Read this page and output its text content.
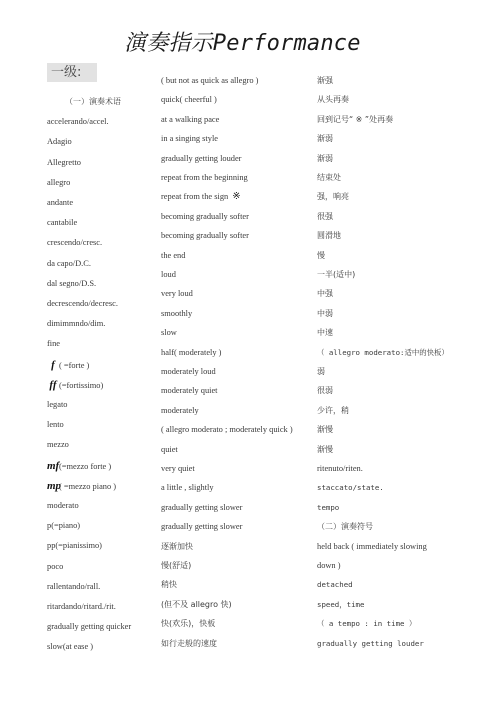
演奏指示Performance
一级:
（一）演奏术语
accelerando/accel.
Adagio
Allegretto
allegro
andante
cantabile
crescendo/cresc.
da capo/D.C.
dal segno/D.S.
decrescendo/decresc.
dimimmndo/dim.
fine
f ( =forte )
ff (=fortissimo)
legato
lento
mezzo
mf(=mezzo forte )
mp( =mezzo piano )
moderato
p(=piano)
pp(=pianissimo)
poco
rallentando/rall.
ritardando/ritard./rit.
gradually getting quicker
slow(at ease )
( but not as quick as allegro )
quick( cheerful )
at a walking pace
in a singing style
gradually getting louder
repeat from the beginning
repeat from the sign ※
becoming gradually softer
becoming gradually softer
the end
loud
very loud
smoothly
slow
half( moderately )
moderately loud
moderately quiet
moderately
( allegro moderato ; moderately quick )
quiet
very quiet
a little , slightly
gradually getting slower
gradually getting slower
逐渐加快
慢(舒适)
稍快
(但不及 allegro 快)
快(欢乐)，快板
如行走般的速度
渐强
从头再奏
回到记号“ ※ ”处再奏
渐弱
渐弱
结束处
强，响亮
很强
圆滑地
慢
一半(适中)
中强
中弱
中速
（ allegro moderato:适中的快板）
弱
很弱
少许，稍
渐慢
渐慢
ritenuto/riten.
staccato/state.
tempo
（二）演奏符号
held back ( immediately slowing
down )
detached
speed，time
（ a tempo : in time ）
gradually getting louder
